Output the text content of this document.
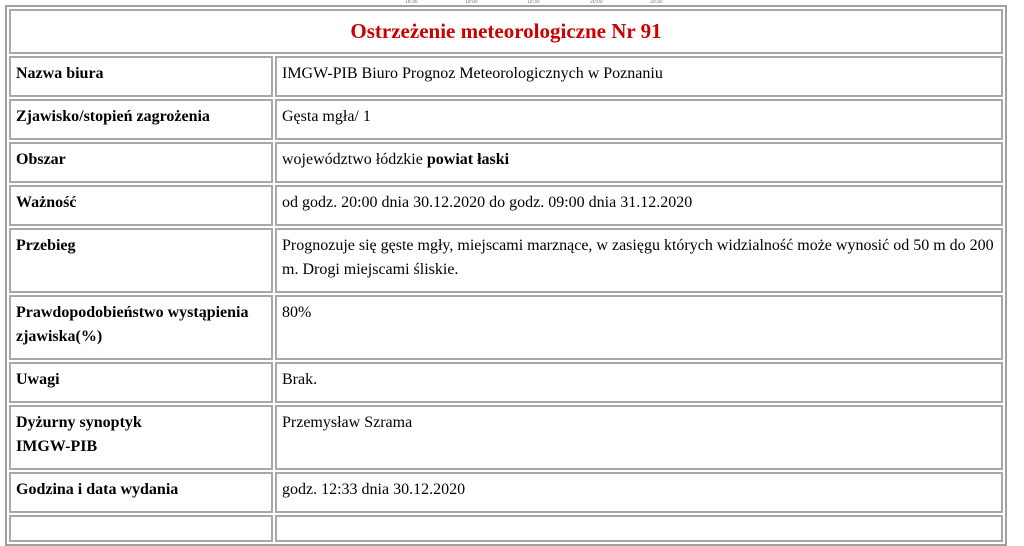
18:30	19:00	19:30	20:00	20:30
Ostrzeżenie meteorologiczne Nr 91	
Nazwa biura	IMGW-PIB Biuro Prognoz Meteorologicznych w Poznaniu
Zjawisko/stopień zagrożenia	Gęsta mgła/ 1
Obszar	województwo łódzkie powiat łaski
Ważność	od godz. 20:00 dnia 30.12.2020 do godz. 09:00 dnia 31.12.2020
Przebieg	Prognozuje się gęste mgły, miejscami marznące, w zasięgu których widzialność może wynosić od 50 m do 200 m. Drogi miejscami śliskie.
Prawdopodobieństwo wystąpienia zjawiska(%)	80%
Uwagi	Brak.
Dyżurny synoptyk
IMGW-PIB	Przemysław Szrama
Godzina i data wydania	godz. 12:33 dnia 30.12.2020
